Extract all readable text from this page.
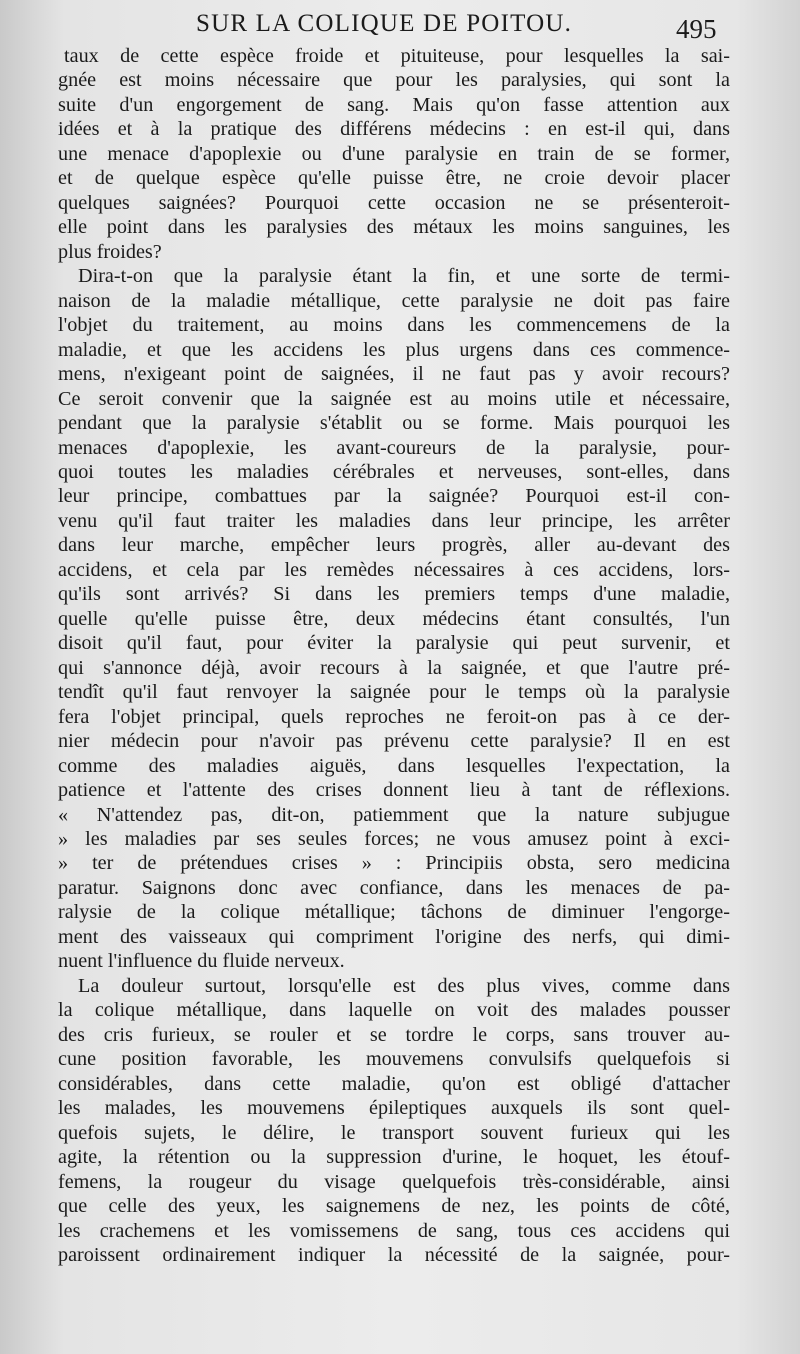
SUR LA COLIQUE DE POITOU.	495
taux de cette espèce froide et pituiteuse, pour lesquelles la sai-
gnée est moins nécessaire que pour les paralysies, qui sont la
suite d'un engorgement de sang. Mais qu'on fasse attention aux
idées et à la pratique des différens médecins : en est-il qui, dans
une menace d'apoplexie ou d'une paralysie en train de se former,
et de quelque espèce qu'elle puisse être, ne croie devoir placer
quelques saignées? Pourquoi cette occasion ne se présenteroit-
elle point dans les paralysies des métaux les moins sanguines, les
plus froides?
Dira-t-on que la paralysie étant la fin, et une sorte de termi-
naison de la maladie métallique, cette paralysie ne doit pas faire
l'objet du traitement, au moins dans les commencemens de la
maladie, et que les accidens les plus urgens dans ces commence-
mens, n'exigeant point de saignées, il ne faut pas y avoir recours?
Ce seroit convenir que la saignée est au moins utile et nécessaire,
pendant que la paralysie s'établit ou se forme. Mais pourquoi les
menaces d'apoplexie, les avant-coureurs de la paralysie, pour-
quoi toutes les maladies cérébrales et nerveuses, sont-elles, dans
leur principe, combattues par la saignée? Pourquoi est-il con-
venu qu'il faut traiter les maladies dans leur principe, les arrêter
dans leur marche, empêcher leurs progrès, aller au-devant des
accidens, et cela par les remèdes nécessaires à ces accidens, lors-
qu'ils sont arrivés? Si dans les premiers temps d'une maladie,
quelle qu'elle puisse être, deux médecins étant consultés, l'un
disoit qu'il faut, pour éviter la paralysie qui peut survenir, et
qui s'annonce déjà, avoir recours à la saignée, et que l'autre pré-
tendît qu'il faut renvoyer la saignée pour le temps où la paralysie
fera l'objet principal, quels reproches ne feroit-on pas à ce der-
nier médecin pour n'avoir pas prévenu cette paralysie? Il en est
comme des maladies aiguës, dans lesquelles l'expectation, la
patience et l'attente des crises donnent lieu à tant de réflexions.
« N'attendez pas, dit-on, patiemment que la nature subjugue
» les maladies par ses seules forces; ne vous amusez point à exci-
» ter de prétendues crises » : Principiis obsta, sero medicina
paratur. Saignons donc avec confiance, dans les menaces de pa-
ralysie de la colique métallique; tâchons de diminuer l'engorge-
ment des vaisseaux qui compriment l'origine des nerfs, qui dimi-
nuent l'influence du fluide nerveux.
La douleur surtout, lorsqu'elle est des plus vives, comme dans
la colique métallique, dans laquelle on voit des malades pousser
des cris furieux, se rouler et se tordre le corps, sans trouver au-
cune position favorable, les mouvemens convulsifs quelquefois si
considérables, dans cette maladie, qu'on est obligé d'attacher
les malades, les mouvemens épileptiques auxquels ils sont quel-
quefois sujets, le délire, le transport souvent furieux qui les
agite, la rétention ou la suppression d'urine, le hoquet, les étouf-
femens, la rougeur du visage quelquefois très-considérable, ainsi
que celle des yeux, les saignemens de nez, les points de côté,
les crachemens et les vomissemens de sang, tous ces accidens qui
paroissent ordinairement indiquer la nécessité de la saignée, pour-
